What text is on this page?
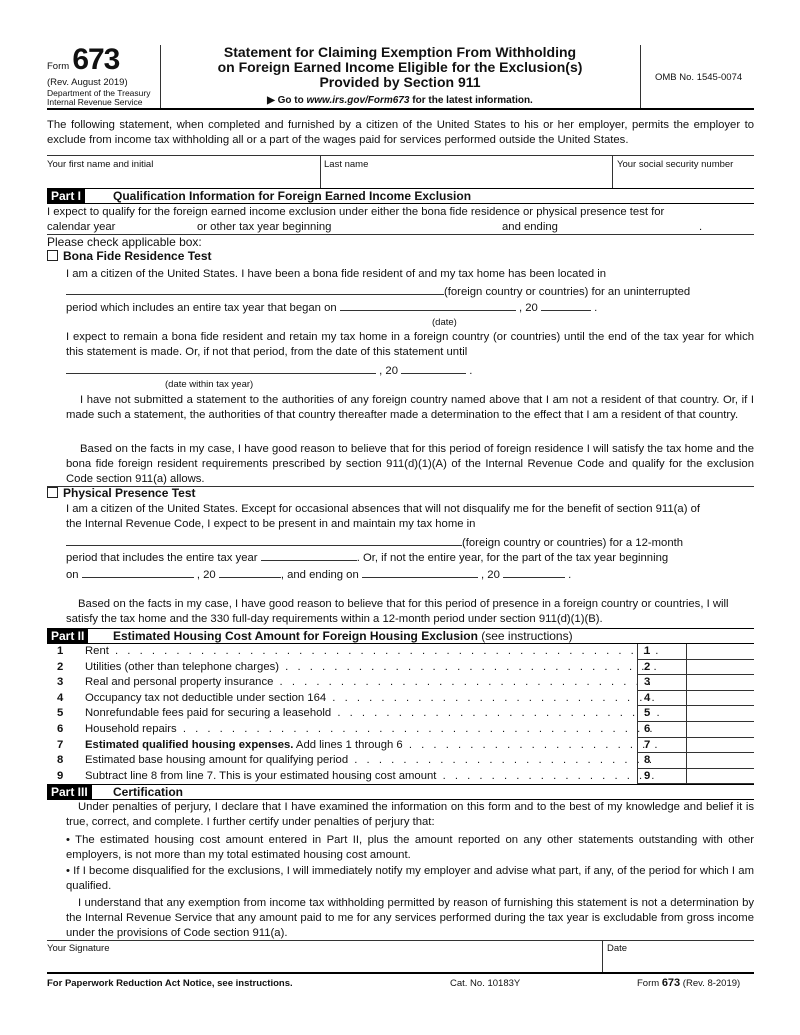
Form 673
(Rev. August 2019)
Department of the Treasury
Internal Revenue Service
Statement for Claiming Exemption From Withholding
on Foreign Earned Income Eligible for the Exclusion(s)
Provided by Section 911
▶ Go to www.irs.gov/Form673 for the latest information.
OMB No. 1545-0074
The following statement, when completed and furnished by a citizen of the United States to his or her employer, permits the employer to exclude from income tax withholding all or a part of the wages paid for services performed outside the United States.
Your first name and initial	Last name	Your social security number
Part I	Qualification Information for Foreign Earned Income Exclusion
I expect to qualify for the foreign earned income exclusion under either the bona fide residence or physical presence test for
calendar year	or other tax year beginning	and ending	.
Please check applicable box:
Bona Fide Residence Test
I am a citizen of the United States. I have been a bona fide resident of and my tax home has been located in
(foreign country or countries) for an uninterrupted
period which includes an entire tax year that began on	, 20	.
(date)
I expect to remain a bona fide resident and retain my tax home in a foreign country (or countries) until the end of the tax year for which this statement is made. Or, if not that period, from the date of this statement until
, 20	.
(date within tax year)
I have not submitted a statement to the authorities of any foreign country named above that I am not a resident of that country. Or, if I made such a statement, the authorities of that country thereafter made a determination to the effect that I am a resident of that country.
Based on the facts in my case, I have good reason to believe that for this period of foreign residence I will satisfy the tax home and the bona fide foreign resident requirements prescribed by section 911(d)(1)(A) of the Internal Revenue Code and qualify for the exclusion Code section 911(a) allows.
Physical Presence Test
I am a citizen of the United States. Except for occasional absences that will not disqualify me for the benefit of section 911(a) of the Internal Revenue Code, I expect to be present in and maintain my tax home in
(foreign country or countries) for a 12-month
period that includes the entire tax year	. Or, if not the entire year, for the part of the tax year beginning
on	, 20	, and ending on	, 20	.
Based on the facts in my case, I have good reason to believe that for this period of presence in a foreign country or countries, I will satisfy the tax home and the 330 full-day requirements within a 12-month period under section 911(d)(1)(B).
Part II	Estimated Housing Cost Amount for Foreign Housing Exclusion (see instructions)
1 Rent . . .	1
2 Utilities (other than telephone charges) . . .	2
3 Real and personal property insurance . . .	3
4 Occupancy tax not deductible under section 164 . . .	4
5 Nonrefundable fees paid for securing a leasehold . . .	5
6 Household repairs . . .	6
7 Estimated qualified housing expenses. Add lines 1 through 6 . . .	7
8 Estimated base housing amount for qualifying period . . .	8
9 Subtract line 8 from line 7. This is your estimated housing cost amount . . .	9
Part III	Certification
Under penalties of perjury, I declare that I have examined the information on this form and to the best of my knowledge and belief it is true, correct, and complete. I further certify under penalties of perjury that:
• The estimated housing cost amount entered in Part II, plus the amount reported on any other statements outstanding with other employers, is not more than my total estimated housing cost amount.
• If I become disqualified for the exclusions, I will immediately notify my employer and advise what part, if any, of the period for which I am qualified.
I understand that any exemption from income tax withholding permitted by reason of furnishing this statement is not a determination by the Internal Revenue Service that any amount paid to me for any services performed during the tax year is excludable from gross income under the provisions of Code section 911(a).
Your Signature	Date
For Paperwork Reduction Act Notice, see instructions.	Cat. No. 10183Y	Form 673 (Rev. 8-2019)
